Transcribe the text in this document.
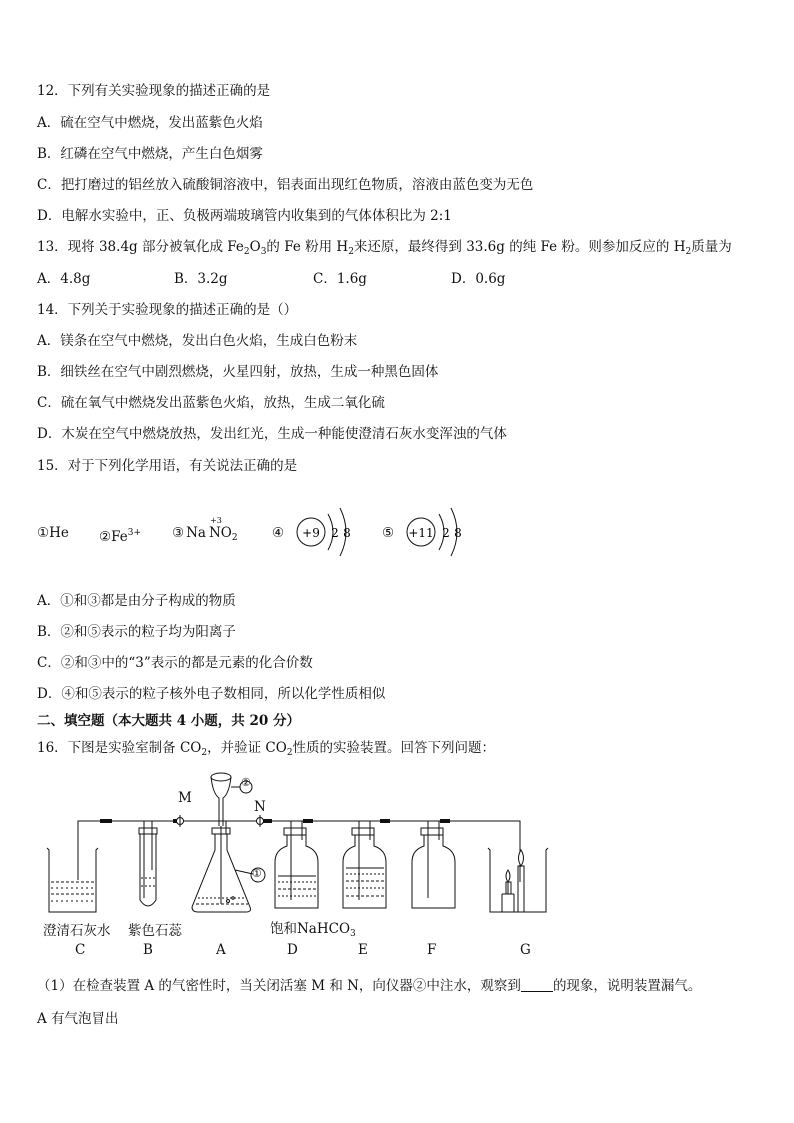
12．下列有关实验现象的描述正确的是
A．硫在空气中燃烧，发出蓝紫色火焰
B．红磷在空气中燃烧，产生白色烟雾
C．把打磨过的铝丝放入硫酸铜溶液中，铝表面出现红色物质，溶液由蓝色变为无色
D．电解水实验中，正、负极两端玻璃管内收集到的气体体积比为 2:1
13．现将 38.4g 部分被氧化成 $Fe_2O_3$的 Fe 粉用 $H_2$来还原，最终得到 33.6g 的纯 Fe 粉。则参加反应的 $H_2$质量为
A．4.8g	B．3.2g	C．1.6g	D．0.6g
14．下列关于实验现象的描述正确的是（）
A．镁条在空气中燃烧，发出白色火焰，生成白色粉末
B．细铁丝在空气中剧烈燃烧，火星四射，放热，生成一种黑色固体
C．硫在氧气中燃烧发出蓝紫色火焰，放热，生成二氧化硫
D．木炭在空气中燃烧放热，发出红光，生成一种能使澄清石灰水变浑浊的气体
15．对于下列化学用语，有关说法正确的是
①He $②Fe^{3+}$ ③ Na
+3
$NO_2$	④ +9 2 8 ⑤ +11 2 8
A．①和③都是由分子构成的物质
B．②和⑤表示的粒子均为阳离子
C．②和③中的“3”表示的都是元素的化合价数
D．④和⑤表示的粒子核外电子数相同，所以化学性质相似
二、填空题（本大题共 4 小题，共 20 分）
16．下图是实验室制备 $CO_2$，并验证 $CO_2$性质的实验装置。回答下列问题：
M
N
②
①
澄清石灰水 紫色石蕊	饱和NaHCO$_3$
C	B	A	D	E	F	G
（1）在检查装置 A 的气密性时，当关闭活塞 M 和 N，向仪器②中注水，观察到 的现象，说明装置漏气。
A 有气泡冒出
